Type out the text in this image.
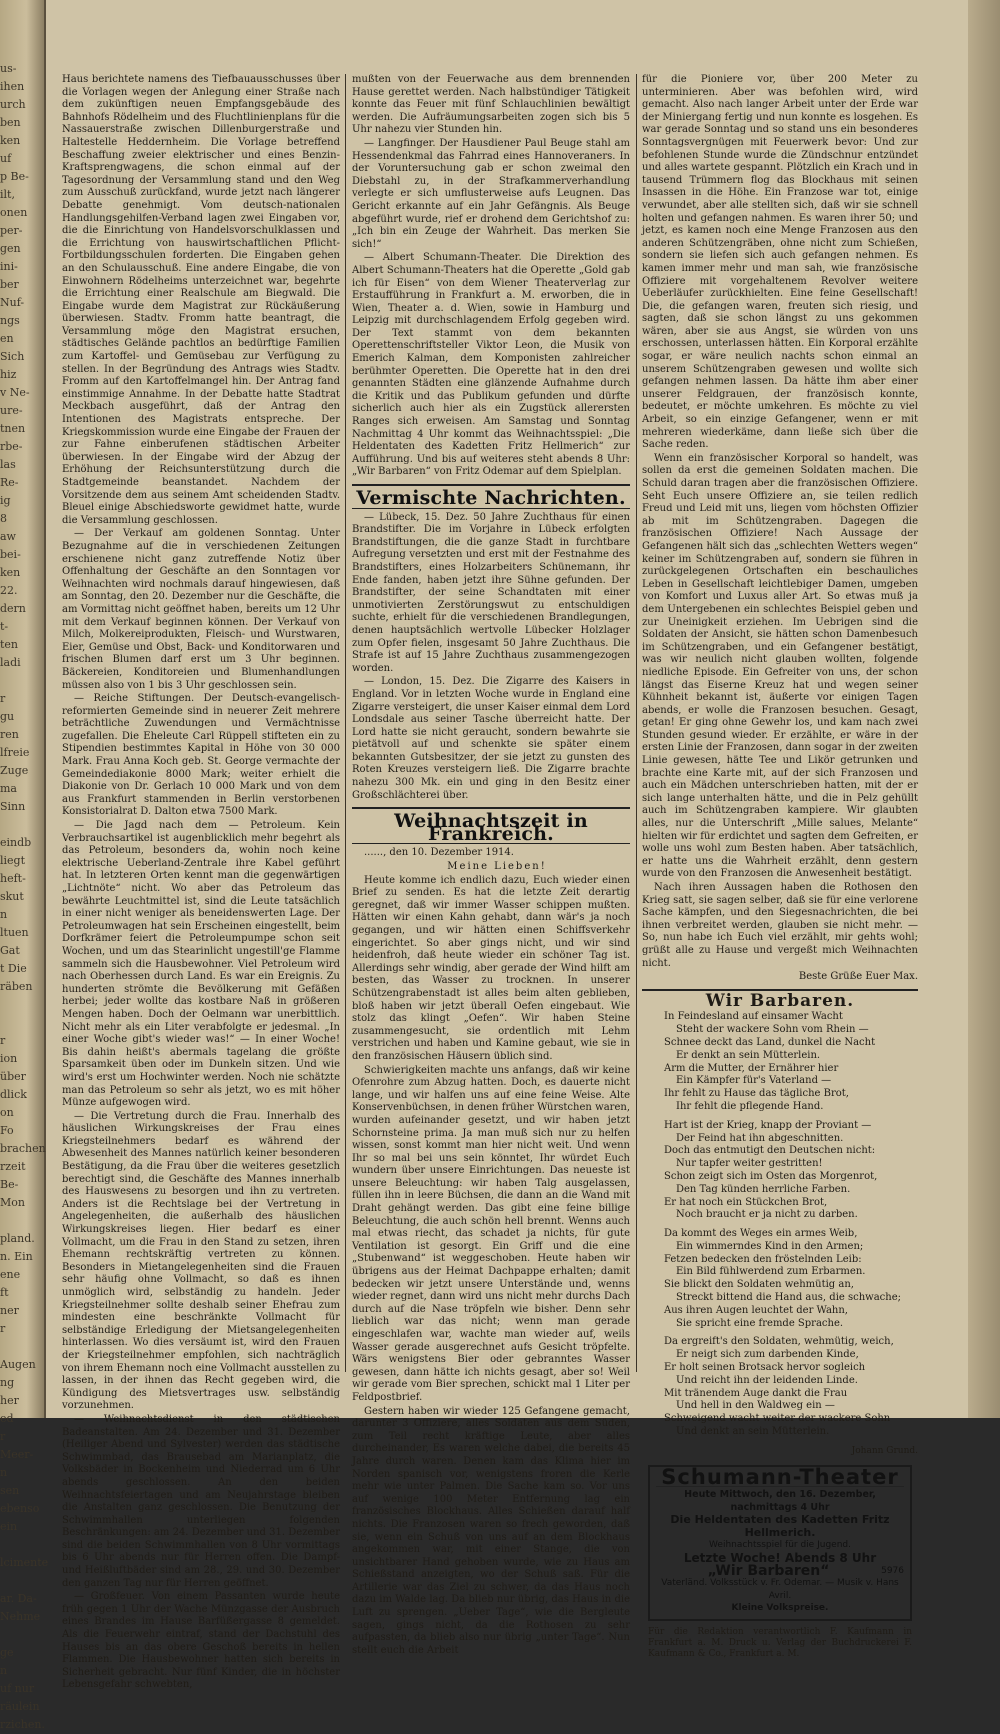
us-
ihen
urch
ben
ken
uf
p Be-
ilt,
onen
per-
gen
ini-
ber
Nuf-
ngs
en
Sich
hiz
v Ne-
ure-
tnen
rbe-
las
Re-
ig
8
aw
bei-
ken
22.
dern
t-
ten
ladi

r
gu
ren
lfreie
Zuge
ma
Sinn

eindb
liegt
heft-
skut
n
ltuen
Gat
t Die
räben

r
ion
über
dlick
on
Fo
brachen
rzeit
Be-
Mon

pland.
n. Ein
ene
ft
ner
r

Augen
ng
her
ed
r
Meer-
n
sen
ebenso
ein

lcimente

ar. Da-
Nehme

ge
n
uf nur
räulein
rzichen.

Haus berichtete namens des Tiefbauausschusses über die Vorlagen wegen der Anlegung einer Straße nach dem zukünftigen neuen Empfangsgebäude des Bahnhofs Rödelheim und des Fluchtlinienplans für die Nassauerstraße zwischen Dillenburgerstraße und Haltestelle Heddernheim. Die Vorlage betreffend Beschaffung zweier elektrischer und eines Benzin-Kraftsprengwagens, die schon einmal auf der Tagesordnung der Versammlung stand und den Weg zum Ausschuß zurückfand, wurde jetzt nach längerer Debatte genehmigt. Vom deutsch-nationalen Handlungsgehilfen-Verband lagen zwei Eingaben vor, die die Einrichtung von Handelsvorschulklassen und die Errichtung von hauswirtschaftlichen Pflicht-Fortbildungsschulen forderten. Die Eingaben gehen an den Schulausschuß. Eine andere Eingabe, die von Einwohnern Rödelheims unterzeichnet war, begehrte die Errichtung einer Realschule am Biegwald. Die Eingabe wurde dem Magistrat zur Rückäußerung überwiesen. Stadtv. Fromm hatte beantragt, die Versammlung möge den Magistrat ersuchen, städtisches Gelände pachtlos an bedürftige Familien zum Kartoffel- und Gemüsebau zur Verfügung zu stellen. In der Begründung des Antrags wies Stadtv. Fromm auf den Kartoffelmangel hin. Der Antrag fand einstimmige Annahme. In der Debatte hatte Stadtrat Meckbach ausgeführt, daß der Antrag den Intentionen des Magistrats entspreche. Der Kriegskommission wurde eine Eingabe der Frauen der zur Fahne einberufenen städtischen Arbeiter überwiesen. In der Eingabe wird der Abzug der Erhöhung der Reichsunterstützung durch die Stadtgemeinde beanstandet. Nachdem der Vorsitzende dem aus seinem Amt scheidenden Stadtv. Bleuel einige Abschiedsworte gewidmet hatte, wurde die Versammlung geschlossen.

— Der Verkauf am goldenen Sonntag. Unter Bezugnahme auf die in verschiedenen Zeitungen erschienene nicht ganz zutreffende Notiz über Offenhaltung der Geschäfte an den Sonntagen vor Weihnachten wird nochmals darauf hingewiesen, daß am Sonntag, den 20. Dezember nur die Geschäfte, die am Vormittag nicht geöffnet haben, bereits um 12 Uhr mit dem Verkauf beginnen können. Der Verkauf von Milch, Molkereiprodukten, Fleisch- und Wurstwaren, Eier, Gemüse und Obst, Back- und Konditorwaren und frischen Blumen darf erst um 3 Uhr beginnen. Bäckereien, Konditoreien und Blumenhandlungen müssen also von 1 bis 3 Uhr geschlossen sein.

— Reiche Stiftungen. Der Deutsch-evangelisch-reformierten Gemeinde sind in neuerer Zeit mehrere beträchtliche Zuwendungen und Vermächtnisse zugefallen. Die Eheleute Carl Rüppell stifteten ein zu Stipendien bestimmtes Kapital in Höhe von 30 000 Mark. Frau Anna Koch geb. St. George vermachte der Gemeindediakonie 8000 Mark; weiter erhielt die Diakonie von Dr. Gerlach 10 000 Mark und von dem aus Frankfurt stammenden in Berlin verstorbenen Konsistorialrat D. Dalton etwa 7500 Mark.

— Die Jagd nach dem — Petroleum. Kein Verbrauchsartikel ist augenblicklich mehr begehrt als das Petroleum, besonders da, wohin noch keine elektrische Ueberland-Zentrale ihre Kabel geführt hat. In letzteren Orten kennt man die gegenwärtigen „Lichtnöte“ nicht. Wo aber das Petroleum das bewährte Leuchtmittel ist, sind die Leute tatsächlich in einer nicht weniger als beneidenswerten Lage. Der Petroleumwagen hat sein Erscheinen eingestellt, beim Dorfkrämer feiert die Petroleumpumpe schon seit Wochen, und um das Stearinlicht ungestill'ge Flamme sammeln sich die Hausbewohner. Viel Petroleum wird nach Oberhessen durch Land. Es war ein Ereignis. Zu hunderten strömte die Bevölkerung mit Gefäßen herbei; jeder wollte das kostbare Naß in größeren Mengen haben. Doch der Oelmann war unerbittlich. Nicht mehr als ein Liter verabfolgte er jedesmal. „In einer Woche gibt's wieder was!“ — In einer Woche! Bis dahin heißt's abermals tagelang die größte Sparsamkeit üben oder im Dunkeln sitzen. Und wie wird's erst um Hochwinter werden. Noch nie schätzte man das Petroleum so sehr als jetzt, wo es mit höher Münze aufgewogen wird.

— Die Vertretung durch die Frau. Innerhalb des häuslichen Wirkungskreises der Frau eines Kriegsteilnehmers bedarf es während der Abwesenheit des Mannes natürlich keiner besonderen Bestätigung, da die Frau über die weiteres gesetzlich berechtigt sind, die Geschäfte des Mannes innerhalb des Hauswesens zu besorgen und ihn zu vertreten. Anders ist die Rechtslage bei der Vertretung in Angelegenheiten, die außerhalb des häuslichen Wirkungskreises liegen. Hier bedarf es einer Vollmacht, um die Frau in den Stand zu setzen, ihren Ehemann rechtskräftig vertreten zu können. Besonders in Mietangelegenheiten sind die Frauen sehr häufig ohne Vollmacht, so daß es ihnen unmöglich wird, selbständig zu handeln. Jeder Kriegsteilnehmer sollte deshalb seiner Ehefrau zum mindesten eine beschränkte Vollmacht für selbständige Erledigung der Mietsangelegenheiten hinterlassen. Wo dies versäumt ist, wird den Frauen der Kriegsteilnehmer empfohlen, sich nachträglich von ihrem Ehemann noch eine Vollmacht ausstellen zu lassen, in der ihnen das Recht gegeben wird, die Kündigung des Mietsvertrages usw. selbständig vorzunehmen.

— Weihnachtsdienst in den städtischen Badeanstalten. Am 24. Dezember und 31. Dezember (Heiliger Abend und Sylvester) werden das städtische Schwimmbad, das Brausebad am Marianplatz, die Volksbäder in Bockenheim und Niederrad um 6 Uhr abends geschlossen. An den beiden Weihnachtsfeiertagen und am Neujahrstage bleiben die Anstalten ganz geschlossen. Die Benutzung der Schwimmhallen unterliegen folgenden Beschränkungen: am 24. Dezember und 31. Dezember sind die beiden Schwimmhallen von 8 Uhr vormittags bis 6 Uhr abends nur für Herren offen. Die Dampf- und Heißluftbäder sind am 28., 29. und 30. Dezember den ganzen Tag nur für Herren geöffnet.

— Großfeuer. Von einem Passanten wurde heute früh gegen 1 Uhr der Wache Münzgasse der Ausbruch eines Brandes im Hause Barfüßergasse 8 gemeldet. Als die Feuerwehr eintraf, stand der Dachstuhl des Hauses bis an das obere Geschoß bereits in hellen Flammen. Die Hausbewohner hatten sich bereits in Sicherheit gebracht. Nur fünf Kinder, die in höchster Lebensgefahr schwebten,

mußten von der Feuerwache aus dem brennenden Hause gerettet werden. Nach halbstündiger Tätigkeit konnte das Feuer mit fünf Schlauchlinien bewältigt werden. Die Aufräumungsarbeiten zogen sich bis 5 Uhr nahezu vier Stunden hin.

— Langfinger. Der Hausdiener Paul Beuge stahl am Hessendenkmal das Fahrrad eines Hannoveraners. In der Voruntersuchung gab er schon zweimal den Diebstahl zu, in der Strafkammerverhandlung verlegte er sich umflusterweise aufs Leugnen. Das Gericht erkannte auf ein Jahr Gefängnis. Als Beuge abgeführt wurde, rief er drohend dem Gerichtshof zu: „Ich bin ein Zeuge der Wahrheit. Das merken Sie sich!“

— Albert Schumann-Theater. Die Direktion des Albert Schumann-Theaters hat die Operette „Gold gab ich für Eisen“ von dem Wiener Theaterverlag zur Erstaufführung in Frankfurt a. M. erworben, die in Wien, Theater a. d. Wien, sowie in Hamburg und Leipzig mit durchschlagendem Erfolg gegeben wird. Der Text stammt von dem bekannten Operettenschriftsteller Viktor Leon, die Musik von Emerich Kalman, dem Komponisten zahlreicher berühmter Operetten. Die Operette hat in den drei genannten Städten eine glänzende Aufnahme durch die Kritik und das Publikum gefunden und dürfte sicherlich auch hier als ein Zugstück allerersten Ranges sich erweisen. Am Samstag und Sonntag Nachmittag 4 Uhr kommt das Weihnachtsspiel: „Die Heldentaten des Kadetten Fritz Hellmerich“ zur Aufführung. Und bis auf weiteres steht abends 8 Uhr: „Wir Barbaren“ von Fritz Odemar auf dem Spielplan.

Vermischte Nachrichten.

— Lübeck, 15. Dez. 50 Jahre Zuchthaus für einen Brandstifter. Die im Vorjahre in Lübeck erfolgten Brandstiftungen, die die ganze Stadt in furchtbare Aufregung versetzten und erst mit der Festnahme des Brandstifters, eines Holzarbeiters Schünemann, ihr Ende fanden, haben jetzt ihre Sühne gefunden. Der Brandstifter, der seine Schandtaten mit einer unmotivierten Zerstörungswut zu entschuldigen suchte, erhielt für die verschiedenen Brandlegungen, denen hauptsächlich wertvolle Lübecker Holzlager zum Opfer fielen, insgesamt 50 Jahre Zuchthaus. Die Strafe ist auf 15 Jahre Zuchthaus zusammengezogen worden.

— London, 15. Dez. Die Zigarre des Kaisers in England. Vor in letzten Woche wurde in England eine Zigarre versteigert, die unser Kaiser einmal dem Lord Londsdale aus seiner Tasche überreicht hatte. Der Lord hatte sie nicht geraucht, sondern bewahrte sie pietätvoll auf und schenkte sie später einem bekannten Gutsbesitzer, der sie jetzt zu gunsten des Roten Kreuzes versteigern ließ. Die Zigarre brachte nahezu 300 Mk. ein und ging in den Besitz einer Großschlächterei über.

Weihnachtszeit in Frankreich.

......, den 10. Dezember 1914.

Meine Lieben!

Heute komme ich endlich dazu, Euch wieder einen Brief zu senden. Es hat die letzte Zeit derartig geregnet, daß wir immer Wasser schippen mußten. Hätten wir einen Kahn gehabt, dann wär's ja noch gegangen, und wir hätten einen Schiffsverkehr eingerichtet. So aber gings nicht, und wir sind heidenfroh, daß heute wieder ein schöner Tag ist. Allerdings sehr windig, aber gerade der Wind hilft am besten, das Wasser zu trocknen. In unserer Schützengrabenstadt ist alles beim alten geblieben, bloß haben wir jetzt überall Oefen eingebaut. Wie stolz das klingt „Oefen“. Wir haben Steine zusammengesucht, sie ordentlich mit Lehm verstrichen und haben und Kamine gebaut, wie sie in den französischen Häusern üblich sind.

Schwierigkeiten machte uns anfangs, daß wir keine Ofenrohre zum Abzug hatten. Doch, es dauerte nicht lange, und wir halfen uns auf eine feine Weise. Alte Konservenbüchsen, in denen früher Würstchen waren, wurden aufeinander gesetzt, und wir haben jetzt Schornsteine prima. Ja man muß sich nur zu helfen wissen, sonst kommt man hier nicht weit. Und wenn Ihr so mal bei uns sein könntet, Ihr würdet Euch wundern über unsere Einrichtungen. Das neueste ist unsere Beleuchtung: wir haben Talg ausgelassen, füllen ihn in leere Büchsen, die dann an die Wand mit Draht gehängt werden. Das gibt eine feine billige Beleuchtung, die auch schön hell brennt. Wenns auch mal etwas riecht, das schadet ja nichts, für gute Ventilation ist gesorgt. Ein Griff und die eine „Stubenwand“ ist weggeschoben. Heute haben wir übrigens aus der Heimat Dachpappe erhalten; damit bedecken wir jetzt unsere Unterstände und, wenns wieder regnet, dann wird uns nicht mehr durchs Dach durch auf die Nase tröpfeln wie bisher. Denn sehr lieblich war das nicht; wenn man gerade eingeschlafen war, wachte man wieder auf, weils Wasser gerade ausgerechnet aufs Gesicht tröpfelte. Wärs wenigstens Bier oder gebranntes Wasser gewesen, dann hätte ich nichts gesagt, aber so! Weil wir gerade vom Bier sprechen, schickt mal 1 Liter per Feldpostbrief.

Gestern haben wir wieder 125 Gefangene gemacht, darunter 3 Offiziere, alles Soldaten aus dem Süden, zum Teil recht kräftige Leute, aber alles durcheinander, Es waren welche dabei, die bereits 45 Jahre durch waren. Denen kam das Klima hier im Norden spanisch vor, wenigstens froren die Kerle mehr wie unter Palmen. Die Sache kam so. Vor uns auf wenige 100 Meter Entfernung lag ein französisches Blockhaus. Alles Schießen darauf half nichts. Die Franzosen waren so frech geworden, daß sie, wenn ein Schuß von uns auf an dem Blockhaus angekommen war, mit einer Stange, die von unsichtbarer Hand gehoben wurde, wie zu Haus am Schießstand anzeigten, wo der Schuß saß. Für die Artillerie war das Ziel zu schwer, da das Haus noch dazu im Walde lag. Da blieb nur übrig, das Haus in die Luft zu sprengen. „Ueber Tage“, wie die Bergleute sagen, gings nicht, da die Rothosen zu sehr aufpassten, da blieb also nur übrig „unter Tage“. Nun stellt euch die Arbeit

für die Pioniere vor, über 200 Meter zu unterminieren. Aber was befohlen wird, wird gemacht. Also nach langer Arbeit unter der Erde war der Miniergang fertig und nun konnte es losgehen. Es war gerade Sonntag und so stand uns ein besonderes Sonntagsvergnügen mit Feuerwerk bevor: Und zur befohlenen Stunde wurde die Zündschnur entzündet und alles wartete gespannt. Plötzlich ein Krach und in tausend Trümmern flog das Blockhaus mit seinen Insassen in die Höhe. Ein Franzose war tot, einige verwundet, aber alle stellten sich, daß wir sie schnell holten und gefangen nahmen. Es waren ihrer 50; und jetzt, es kamen noch eine Menge Franzosen aus den anderen Schützengräben, ohne nicht zum Schießen, sondern sie liefen sich auch gefangen nehmen. Es kamen immer mehr und man sah, wie französische Offiziere mit vorgehaltenem Revolver weitere Ueberläufer zurückhielten. Eine feine Gesellschaft! Die, die gefangen waren, freuten sich riesig, und sagten, daß sie schon längst zu uns gekommen wären, aber sie aus Angst, sie würden von uns erschossen, unterlassen hätten. Ein Korporal erzählte sogar, er wäre neulich nachts schon einmal an unserem Schützengraben gewesen und wollte sich gefangen nehmen lassen. Da hätte ihm aber einer unserer Feldgrauen, der französisch konnte, bedeutet, er möchte umkehren. Es möchte zu viel Arbeit, so ein einzige Gefangener, wenn er mit mehreren wiederkäme, dann ließe sich über die Sache reden.

Wenn ein französischer Korporal so handelt, was sollen da erst die gemeinen Soldaten machen. Die Schuld daran tragen aber die französischen Offiziere. Seht Euch unsere Offiziere an, sie teilen redlich Freud und Leid mit uns, liegen vom höchsten Offizier ab mit im Schützengraben. Dagegen die französischen Offiziere! Nach Aussage der Gefangenen hält sich das „schlechten Wetters wegen“ keiner im Schützengraben auf, sondern sie führen in zurückgelegenen Ortschaften ein beschauliches Leben in Gesellschaft leichtlebiger Damen, umgeben von Komfort und Luxus aller Art. So etwas muß ja dem Untergebenen ein schlechtes Beispiel geben und zur Uneinigkeit erziehen. Im Uebrigen sind die Soldaten der Ansicht, sie hätten schon Damenbesuch im Schützengraben, und ein Gefangener bestätigt, was wir neulich nicht glauben wollten, folgende niedliche Episode. Ein Gefreiter von uns, der schon längst das Eiserne Kreuz hat und wegen seiner Kühnheit bekannt ist, äußerte vor einigen Tagen abends, er wolle die Franzosen besuchen. Gesagt, getan! Er ging ohne Gewehr los, und kam nach zwei Stunden gesund wieder. Er erzählte, er wäre in der ersten Linie der Franzosen, dann sogar in der zweiten Linie gewesen, hätte Tee und Likör getrunken und brachte eine Karte mit, auf der sich Franzosen und auch ein Mädchen unterschrieben hatten, mit der er sich lange unterhalten hätte, und die in Pelz gehüllt auch im Schützengraben kampiere. Wir glaubten alles, nur die Unterschrift „Mille salues, Melante“ hielten wir für erdichtet und sagten dem Gefreiten, er wolle uns wohl zum Besten haben. Aber tatsächlich, er hatte uns die Wahrheit erzählt, denn gestern wurde von den Franzosen die Anwesenheit bestätigt.

Nach ihren Aussagen haben die Rothosen den Krieg satt, sie sagen selber, daß sie für eine verlorene Sache kämpfen, und den Siegesnachrichten, die bei ihnen verbreitet werden, glauben sie nicht mehr. — So, nun habe ich Euch viel erzählt, mir gehts wohl; grüßt alle zu Hause und vergeßt mich Weihnachten nicht.

Beste Grüße Euer Max.

Wir Barbaren.
In Feindesland auf einsamer Wacht
Steht der wackere Sohn vom Rhein —
Schnee deckt das Land, dunkel die Nacht
Er denkt an sein Mütterlein.
Arm die Mutter, der Ernährer hier
Ein Kämpfer für's Vaterland —
Ihr fehlt zu Hause das tägliche Brot,
Ihr fehlt die pflegende Hand.
Hart ist der Krieg, knapp der Proviant —
Der Feind hat ihn abgeschnitten.
Doch das entmutigt den Deutschen nicht:
Nur tapfer weiter gestritten!
Schon zeigt sich im Osten das Morgenrot,
Den Tag künden herrliche Farben.
Er hat noch ein Stückchen Brot,
Noch braucht er ja nicht zu darben.
Da kommt des Weges ein armes Weib,
Ein wimmerndes Kind in den Armen;
Fetzen bedecken den fröstelnden Leib:
Ein Bild fühlwerdend zum Erbarmen.
Sie blickt den Soldaten wehmütig an,
Streckt bittend die Hand aus, die schwache;
Aus ihren Augen leuchtet der Wahn,
Sie spricht eine fremde Sprache.
Da ergreift's den Soldaten, wehmütig, weich,
Er neigt sich zum darbenden Kinde,
Er holt seinen Brotsack hervor sogleich
Und reicht ihn der leidenden Linde.
Mit tränendem Auge dankt die Frau
Und hell in den Waldweg ein —
Schweigend wacht weiter der wackere Sohn
Und denkt an sein Mütterlein.
Johann Grund.
Schumann-Theater
Heute Mittwoch, den 16. Dezember, nachmittags 4 Uhr
Die Heldentaten des Kadetten Fritz Hellmerich.
Weihnachtsspiel für die Jugend.
Letzte Woche! Abends 8 Uhr
„Wir Barbaren“	5976
Vaterländ. Volksstück v. Fr. Odemar. — Musik v. Hans Avril.
Kleine Volkspreise.
Für die Redaktion verantwortlich F. Kaufmann in Frankfurt a. M. Druck u. Verlag der Buchdruckerei F. Kaufmann & Co., Frankfurt a. M.
